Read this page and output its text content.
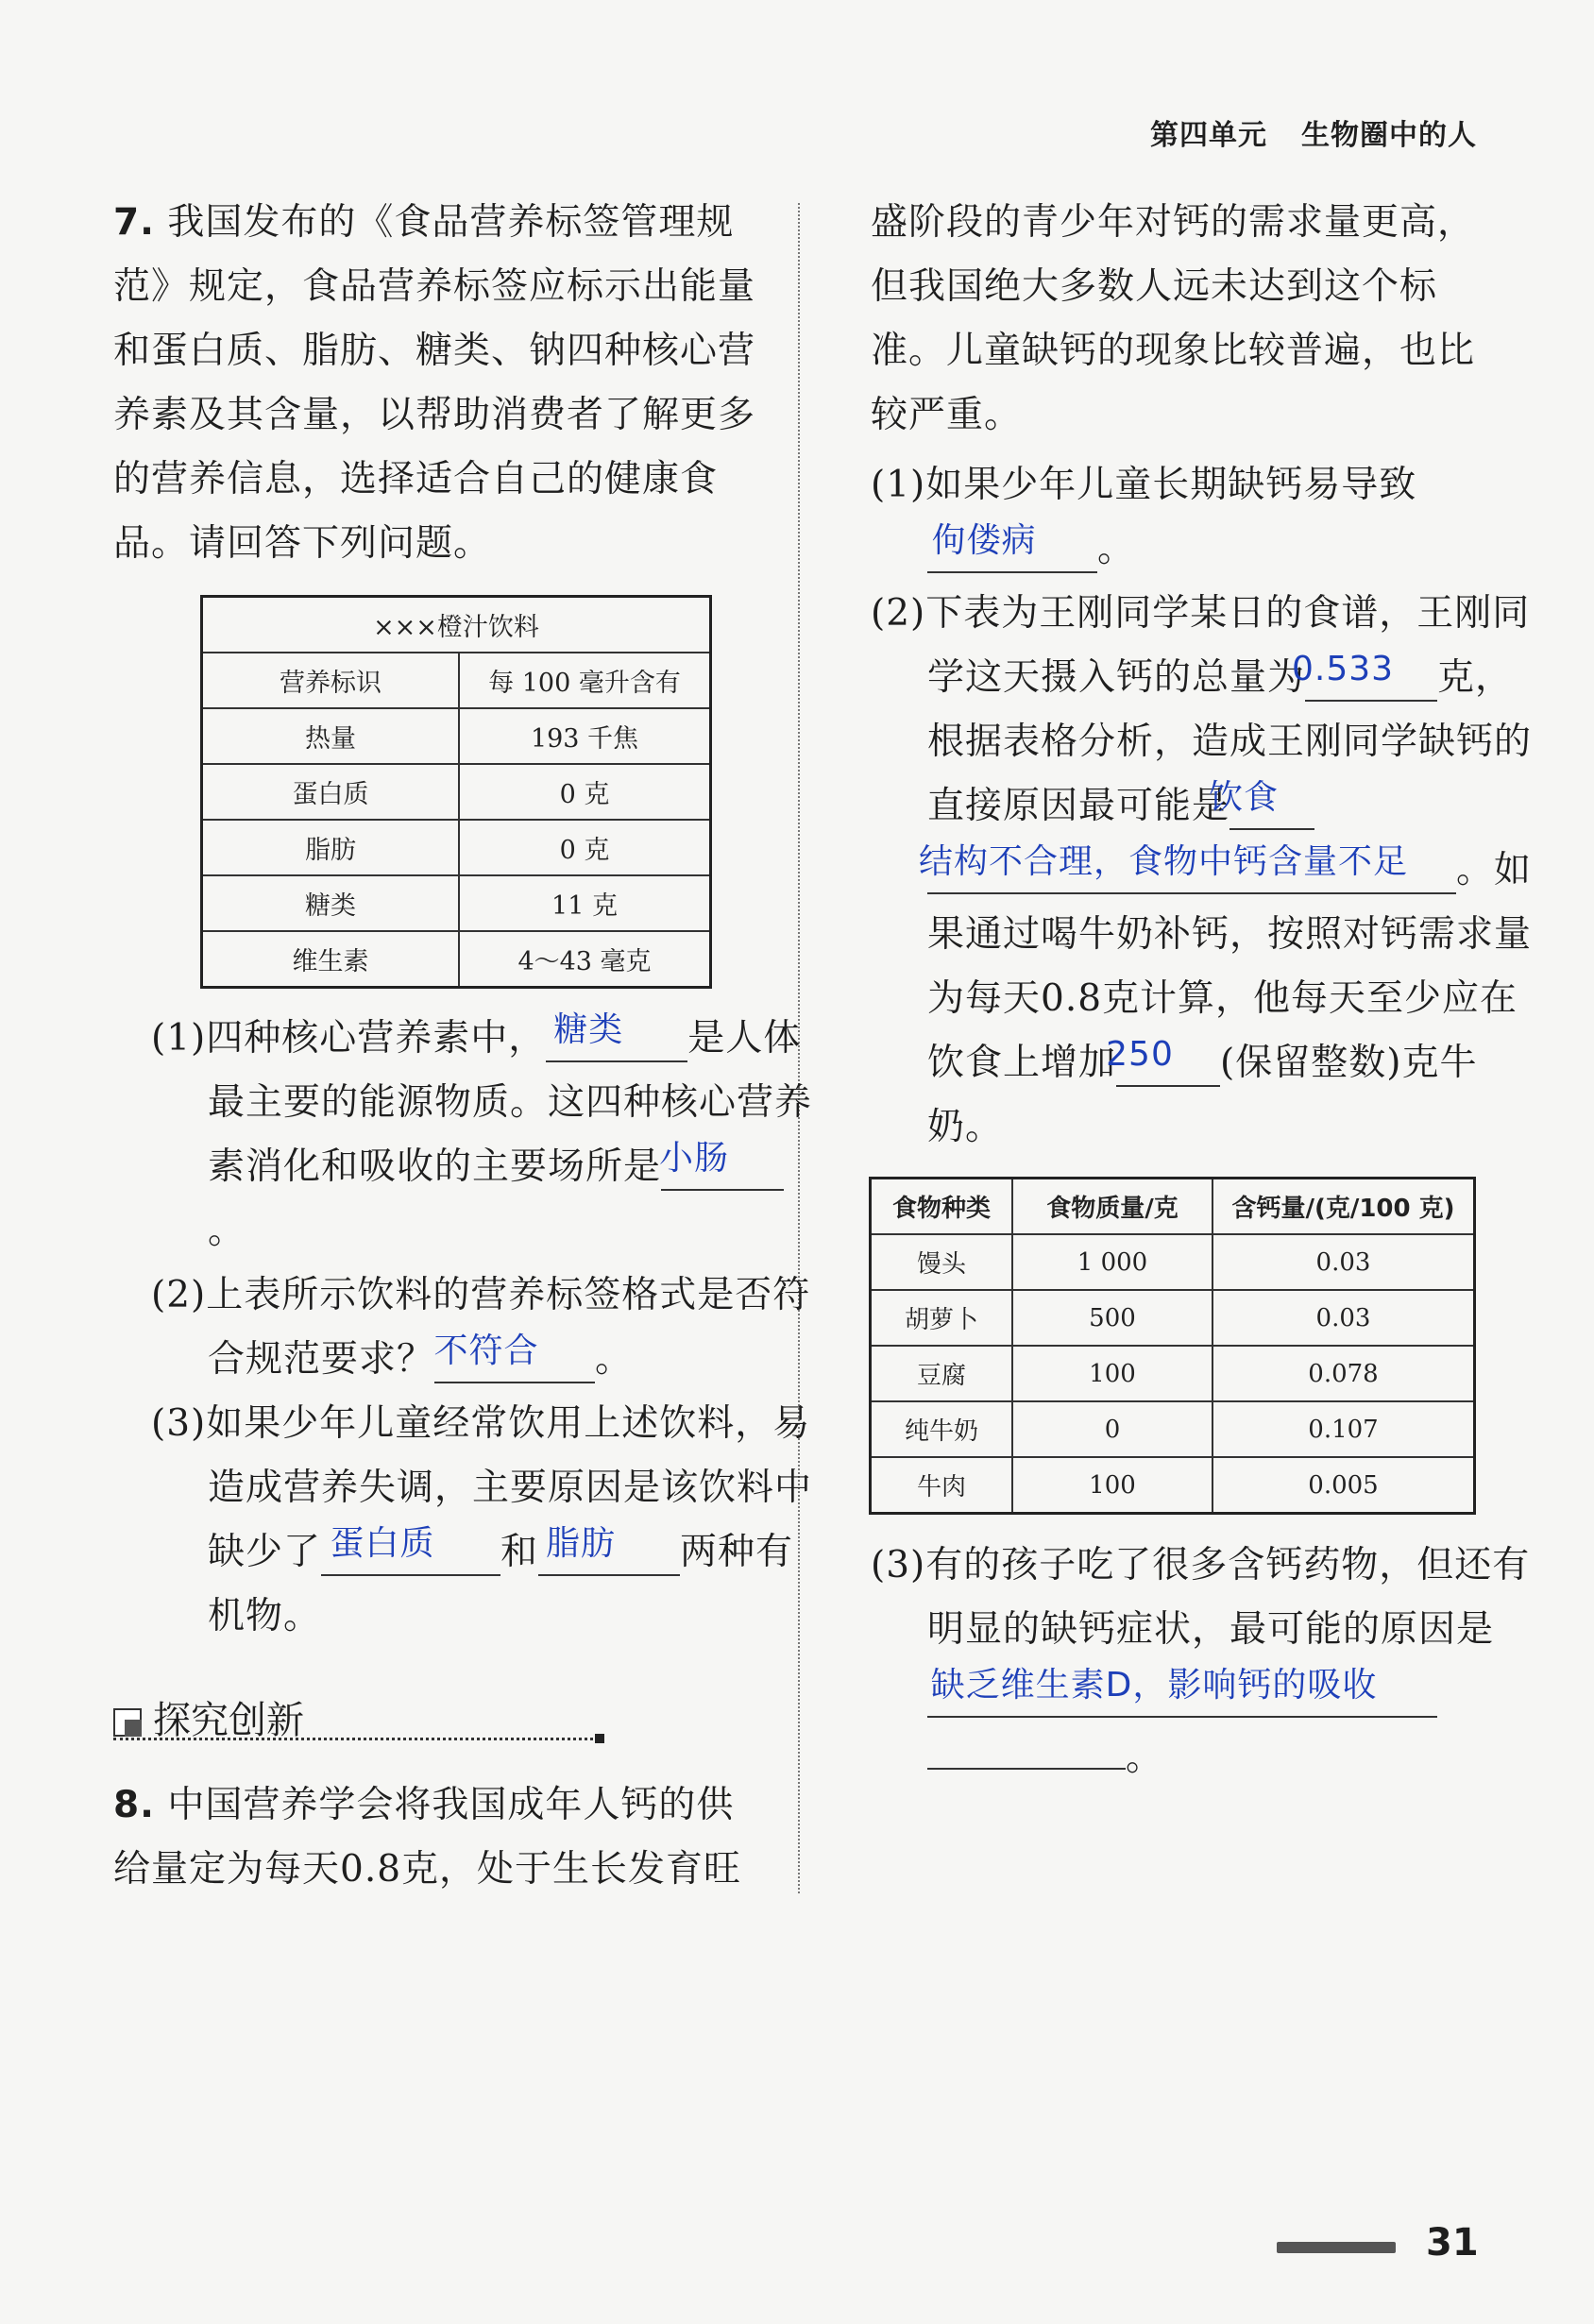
第四单元 生物圈中的人
7. 我国发布的《食品营养标签管理规范》规定，食品营养标签应标示出能量和蛋白质、脂肪、糖类、钠四种核心营养素及其含量，以帮助消费者了解更多的营养信息，选择适合自己的健康食品。请回答下列问题。
×××橙汁饮料	
营养标识	每 100 毫升含有
热量	193 千焦
蛋白质	0 克
脂肪	0 克
糖类	11 克
维生素	4～43 毫克
(1)四种核心营养素中， 糖类 是人体最主要的能源物质。这四种核心营养素消化和吸收的主要场所是小肠。
(2)上表所示饮料的营养标签格式是否符合规范要求？不符合 。
(3)如果少年儿童经常饮用上述饮料，易造成营养失调，主要原因是该饮料中缺少了 蛋白质 和 脂肪 两种有机物。
探究创新
8. 中国营养学会将我国成年人钙的供给量定为每天0.8克，处于生长发育旺
盛阶段的青少年对钙的需求量更高，但我国绝大多数人远未达到这个标准。儿童缺钙的现象比较普遍，也比较严重。
(1)如果少年儿童长期缺钙易导致佝偻病 。
(2)下表为王刚同学某日的食谱，王刚同学这天摄入钙的总量为0.533 克，根据表格分析，造成王刚同学缺钙的直接原因最可能是饮食结构不合理，食物中钙含量不足 。如果通过喝牛奶补钙，按照对钙需求量为每天0.8克计算，他每天至少应在饮食上增加250 (保留整数)克牛奶。
食物种类	食物质量/克	含钙量/(克/100 克)
馒头	1 000	0.03
胡萝卜	500	0.03
豆腐	100	0.078
纯牛奶	0	0.107
牛肉	100	0.005
(3)有的孩子吃了很多含钙药物，但还有明显的缺钙症状，最可能的原因是缺乏维生素D，影响钙的吸收。
31
